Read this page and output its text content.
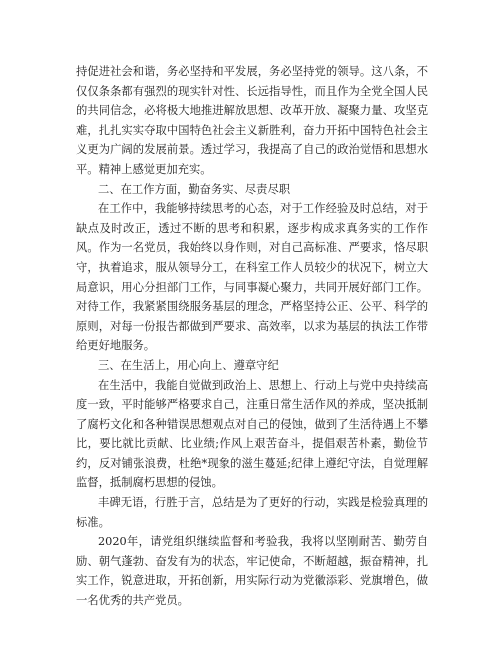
持促进社会和谐，务必坚持和平发展，务必坚持党的领导。这八条，不仅仅条条都有强烈的现实针对性、长远指导性，而且作为全党全国人民的共同信念，必将极大地推进解放思想、改革开放、凝聚力量、攻坚克难，扎扎实实夺取中国特色社会主义新胜利，奋力开拓中国特色社会主义更为广阔的发展前景。透过学习，我提高了自己的政治觉悟和思想水平。精神上感觉更加充实。

二、在工作方面，勤奋务实、尽责尽职

在工作中，我能够持续思考的心态，对于工作经验及时总结，对于缺点及时改正，透过不断的思考和积累，逐步构成求真务实的工作作风。作为一名党员，我始终以身作则，对自己高标准、严要求，恪尽职守，执着追求，服从领导分工，在科室工作人员较少的状况下，树立大局意识，用心分担部门工作，与同事凝心聚力，共同开展好部门工作。对待工作，我紧紧围绕服务基层的理念，严格坚持公正、公平、科学的原则，对每一份报告都做到严要求、高效率，以求为基层的执法工作带给更好地服务。

三、在生活上，用心向上、遵章守纪

在生活中，我能自觉做到政治上、思想上、行动上与党中央持续高度一致，平时能够严格要求自己，注重日常生活作风的养成，坚决抵制了腐朽文化和各种错误思想观点对自己的侵蚀，做到了生活待遇上不攀比，要比就比贡献、比业绩;作风上艰苦奋斗，提倡艰苦朴素，勤俭节约，反对铺张浪费，杜绝*现象的滋生蔓延;纪律上遵纪守法，自觉理解监督，抵制腐朽思想的侵蚀。

丰碑无语，行胜于言，总结是为了更好的行动，实践是检验真理的标准。

2020年，请党组织继续监督和考验我，我将以坚刚耐苦、勤劳自励、朝气蓬勃、奋发有为的状态，牢记使命，不断超越，振奋精神，扎实工作，锐意进取，开拓创新，用实际行动为党徽添彩、党旗增色，做一名优秀的共产党员。
